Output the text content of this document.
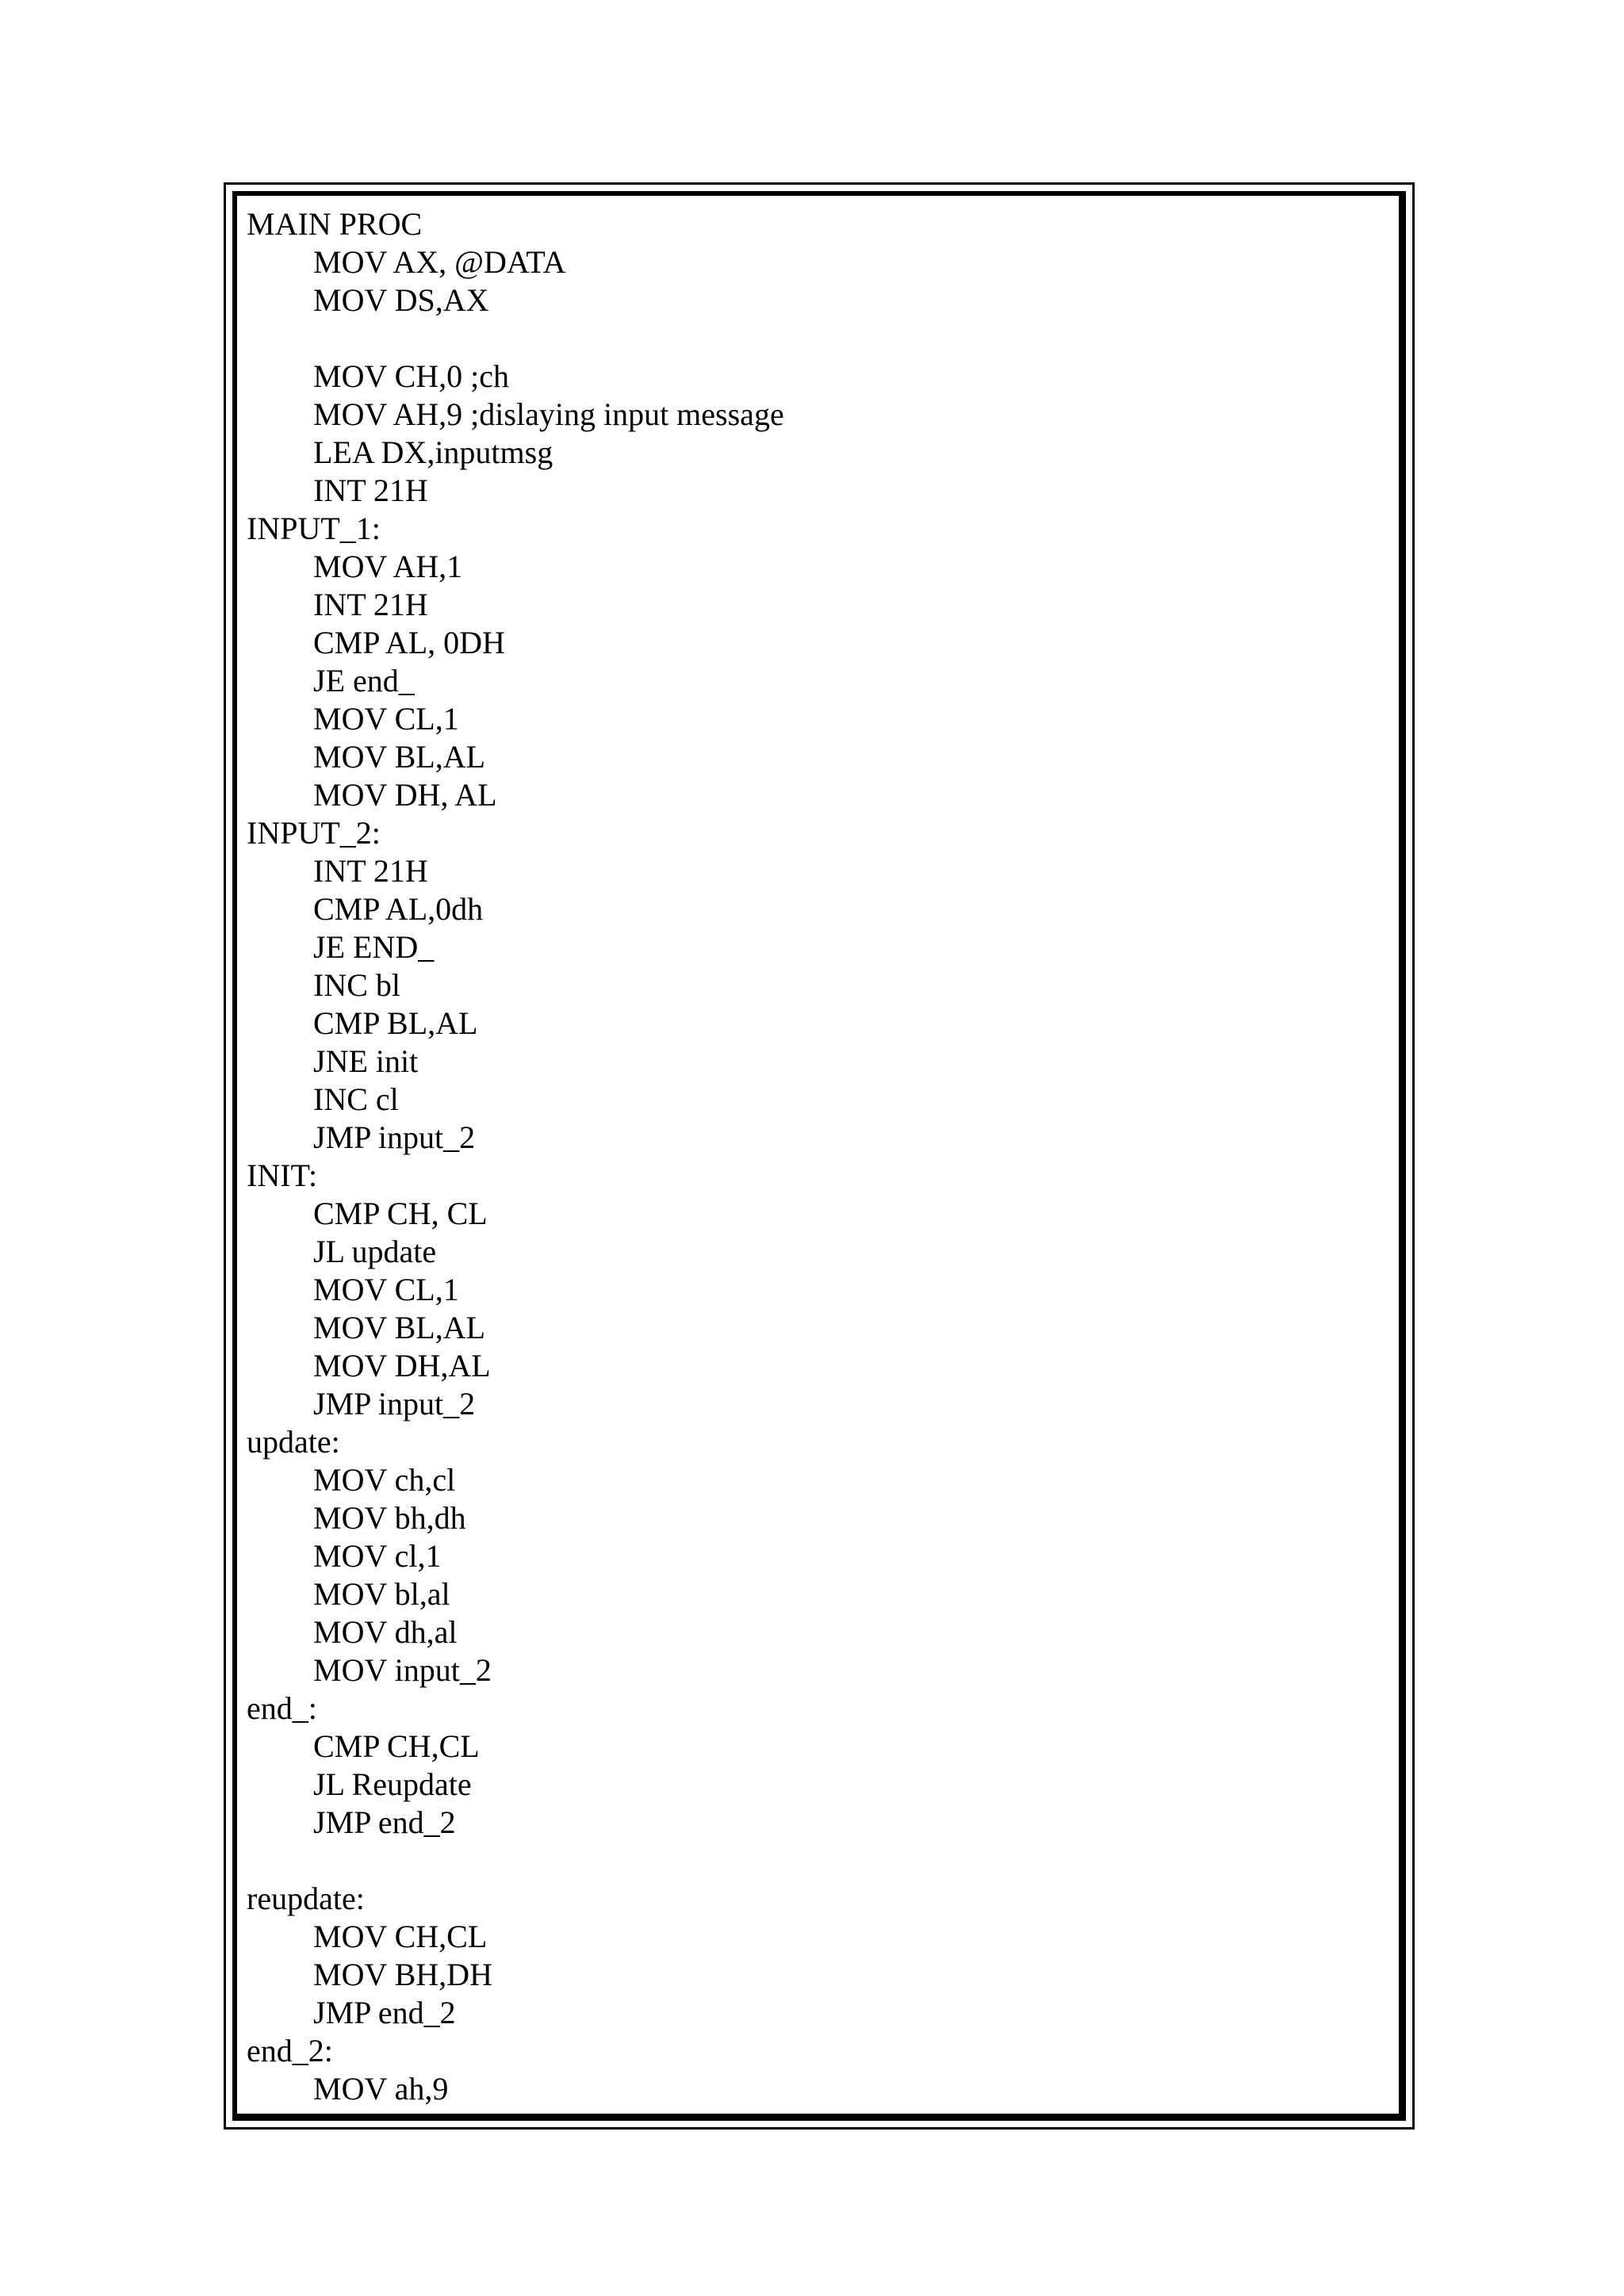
MAIN PROC
MOV AX, @DATA
MOV DS,AX
MOV CH,0 ;ch
MOV AH,9 ;dislaying input message
LEA DX,inputmsg
INT 21H
INPUT_1:
MOV AH,1
INT 21H
CMP AL, 0DH
JE end_
MOV CL,1
MOV BL,AL
MOV DH, AL
INPUT_2:
INT 21H
CMP AL,0dh
JE END_
INC bl
CMP BL,AL
JNE init
INC cl
JMP input_2
INIT:
CMP CH, CL
JL update
MOV CL,1
MOV BL,AL
MOV DH,AL
JMP input_2
update:
MOV ch,cl
MOV bh,dh
MOV cl,1
MOV bl,al
MOV dh,al
MOV input_2
end_:
CMP CH,CL
JL Reupdate
JMP end_2
reupdate:
MOV CH,CL
MOV BH,DH
JMP end_2
end_2:
MOV ah,9
